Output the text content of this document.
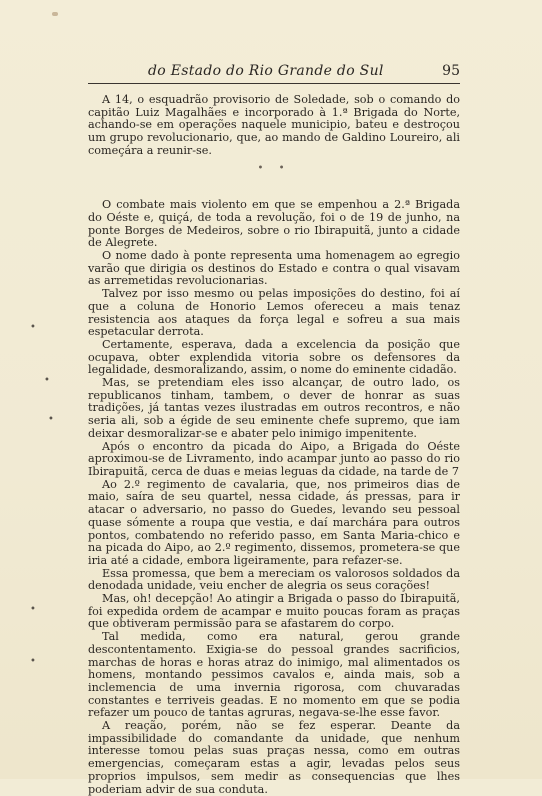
do Estado do Rio Grande do Sul	95

A 14, o esquadrão provisorio de Soledade, sob o comando do capitão Luiz Magalhães e incorporado à 1.ª Brigada do Norte, achando-se em operações naquele municipio, bateu e destroçou um grupo revolucionario, que, ao mando de Galdino Loureiro, ali começára a reunir-se.

• •

O combate mais violento em que se empenhou a 2.ª Brigada do Oéste e, quiçá, de toda a revolução, foi o de 19 de junho, na ponte Borges de Medeiros, sobre o rio Ibirapuitã, junto a cidade de Alegrete.

O nome dado à ponte representa uma homenagem ao egregio varão que dirigia os destinos do Estado e contra o qual visavam as arremetidas revolucionarias.

Talvez por isso mesmo ou pelas imposições do destino, foi aí que a coluna de Honorio Lemos ofereceu a mais tenaz resistencia aos ataques da força legal e sofreu a sua mais espetacular derrota.

Certamente, esperava, dada a excelencia da posição que ocupava, obter explendida vitoria sobre os defensores da legalidade, desmoralizando, assim, o nome do eminente cidadão.

Mas, se pretendiam eles isso alcançar, de outro lado, os republicanos tinham, tambem, o dever de honrar as suas tradições, já tantas vezes ilustradas em outros recontros, e não seria ali, sob a égide de seu eminente chefe supremo, que iam deixar desmoralizar-se e abater pelo inimigo impenitente.

Após o encontro da picada do Aipo, a Brigada do Oéste aproximou-se de Livramento, indo acampar junto ao passo do rio Ibirapuitã, cerca de duas e meias leguas da cidade, na tarde de 7

Ao 2.º regimento de cavalaria, que, nos primeiros dias de maio, saíra de seu quartel, nessa cidade, ás pressas, para ir atacar o adversario, no passo do Guedes, levando seu pessoal quase sómente a roupa que vestia, e daí marchára para outros pontos, combatendo no referido passo, em Santa Maria-chico e na picada do Aipo, ao 2.º regimento, dissemos, prometera-se que iria até a cidade, embora ligeiramente, para refazer-se.

Essa promessa, que bem a mereciam os valorosos soldados da denodada unidade, veiu encher de alegria os seus corações!

Mas, oh! decepção! Ao atingir a Brigada o passo do Ibirapuitã, foi expedida ordem de acampar e muito poucas foram as praças que obtiveram permissão para se afastarem do corpo.

Tal medida, como era natural, gerou grande descontentamento. Exigia-se do pessoal grandes sacrificios, marchas de horas e horas atraz do inimigo, mal alimentados os homens, montando pessimos cavalos e, ainda mais, sob a inclemencia de uma invernia rigorosa, com chuvaradas constantes e terriveis geadas. E no momento em que se podia refazer um pouco de tantas agruras, negava-se-lhe esse favor.

A reação, porém, não se fez esperar. Deante da impassibilidade do comandante da unidade, que nenhum interesse tomou pelas suas praças nessa, como em outras emergencias, começaram estas a agir, levadas pelos seus proprios impulsos, sem medir as consequencias que lhes poderiam advir de sua conduta.

•
•
•
•
•
